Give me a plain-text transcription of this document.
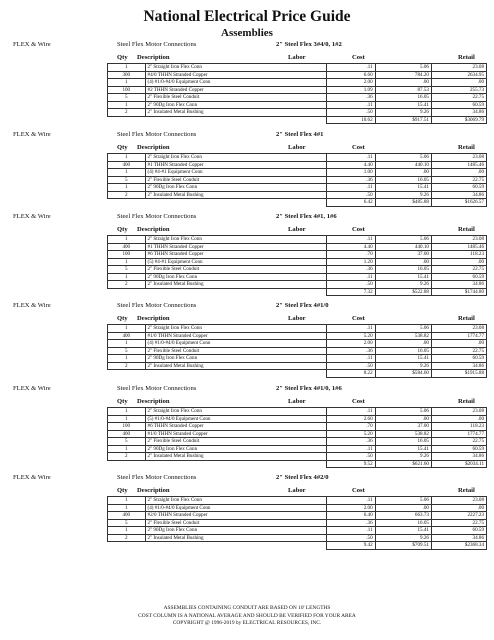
National Electrical Price Guide
Assemblies
FLEX & Wire	Steel Flex Motor Connections	2" Steel Flex 3#4/0, 1#2
Qty Description	Labor	Cost	Retail
1	2" Straight Iron Flex Conn	.11	5.06	23.08
300	#4/0 THHN Stranded Copper	6.60	784.20	2634.95
1	(4) #1/0-#4/0 Equipment Conn	2.00	.00	.00
100	#2 THHN Stranded Copper	1.09	87.53	255.73
5	2" Flexible Steel Conduit	.36	16.05	22.75
1	2" 90Dg Iron Flex Conn	.11	15.41	60.59
2	2" Insulated Metal Bushing	.50	9.26	34.86
		10.62	$917.51	$3069.79
FLEX & Wire	Steel Flex Motor Connections	2" Steel Flex 4#1
Qty Description	Labor	Cost	Retail
1	2" Straight Iron Flex Conn	.11	5.06	23.08
400	#1 THHN Stranded Copper	4.40	440.10	1485.46
1	(4) #4-#1 Equipment Conn	1.00	.00	.00
5	2" Flexible Steel Conduit	.36	16.05	22.75
1	2" 90Dg Iron Flex Conn	.11	15.41	60.59
2	2" Insulated Metal Bushing	.50	9.26	34.86
		6.42	$485.88	$1626.57
FLEX & Wire	Steel Flex Motor Connections	2" Steel Flex 4#1, 1#6
Qty Description	Labor	Cost	Retail
1	2" Straight Iron Flex Conn	.11	5.06	23.08
400	#1 THHN Stranded Copper	4.40	440.10	1485.46
100	#6 THHN Stranded Copper	.70	37.00	118.23
1	(5) #4-#1 Equipment Conn	1.20	.00	.00
5	2" Flexible Steel Conduit	.36	16.05	22.75
1	2" 90Dg Iron Flex Conn	.11	15.41	60.59
2	2" Insulated Metal Bushing	.50	9.26	34.86
		7.32	$522.88	$1744.80
FLEX & Wire	Steel Flex Motor Connections	2" Steel Flex 4#1/0
Qty Description	Labor	Cost	Retail
1	2" Straight Iron Flex Conn	.11	5.06	23.08
400	#1/0 THHN Stranded Copper	5.20	538.82	1774.77
1	(4) #1/0-#4/0 Equipment Conn	2.00	.00	.00
5	2" Flexible Steel Conduit	.36	16.05	22.75
1	2" 90Dg Iron Flex Conn	.11	15.41	60.59
2	2" Insulated Metal Bushing	.50	9.26	34.86
		8.22	$584.60	$1915.88
FLEX & Wire	Steel Flex Motor Connections	2" Steel Flex 4#1/0, 1#6
Qty Description	Labor	Cost	Retail
1	2" Straight Iron Flex Conn	.11	5.06	23.08
1	(5) #1/0-#4/0 Equipment Conn	2.60	.00	.00
100	#6 THHN Stranded Copper	.70	37.00	118.23
400	#1/0 THHN Stranded Copper	5.20	538.82	1774.77
5	2" Flexible Steel Conduit	.36	16.05	22.75
1	2" 90Dg Iron Flex Conn	.11	15.41	60.59
2	2" Insulated Metal Bushing	.50	9.26	34.86
		9.52	$621.60	$2034.11
FLEX & Wire	Steel Flex Motor Connections	2" Steel Flex 4#2/0
Qty Description	Labor	Cost	Retail
1	2" Straight Iron Flex Conn	.11	5.06	23.08
1	(4) #1/0-#4/0 Equipment Conn	2.00	.00	.00
400	#2/0 THHN Stranded Copper	6.40	663.73	2227.23
5	2" Flexible Steel Conduit	.36	16.05	22.75
1	2" 90Dg Iron Flex Conn	.11	15.41	60.59
2	2" Insulated Metal Bushing	.50	9.26	34.86
		9.42	$709.51	$2368.34
ASSEMBLIES CONTAINING CONDUIT ARE BASED ON 10' LENGTHS
COST COLUMN IS A NATIONAL AVERAGE AND SHOULD BE VERIFIED FOR YOUR AREA
COPYRIGHT @ 1996-2019 by ELECTRICAL RESOURCES, INC.
